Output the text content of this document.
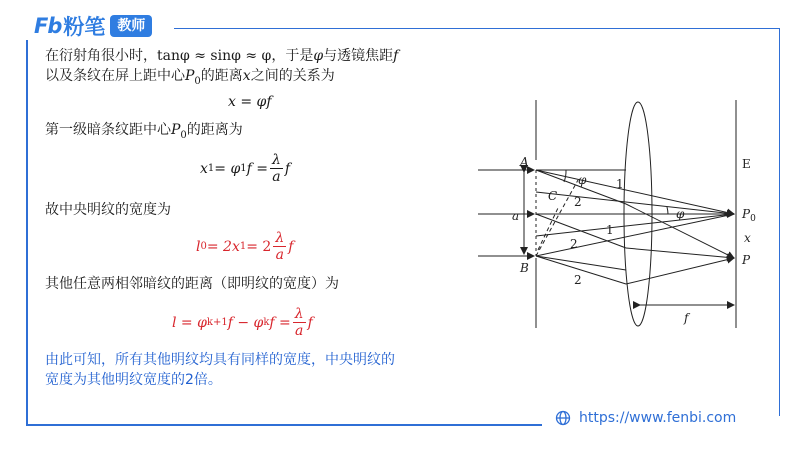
Fb 粉笔 教师
在衍射角很小时，tanφ ≈ sinφ ≈ φ，于是φ与透镜焦距f
以及条纹在屏上距中心$P_0$的距离x之间的关系为
x = φf
第一级暗条纹距中心$P_0$的距离为
x 1 = φ 1 $f = \frac{\lambda}{a}$ f
故中央明纹的宽度为
l 0 = 2x $1 = 2 \frac{\lambda}{a}$ f
其他任意两相邻暗纹的距离（即明纹的宽度）为
l = φ k+1 f − φ k $f = \frac{\lambda}{a}$ f
由此可知，所有其他明纹均具有同样的宽度，中央明纹的
宽度为其他明纹宽度的2倍。
A
B
C
a
φ
φ	$P_0$
x
P
f
1
2
2
1
2
E
https://www.fenbi.com
